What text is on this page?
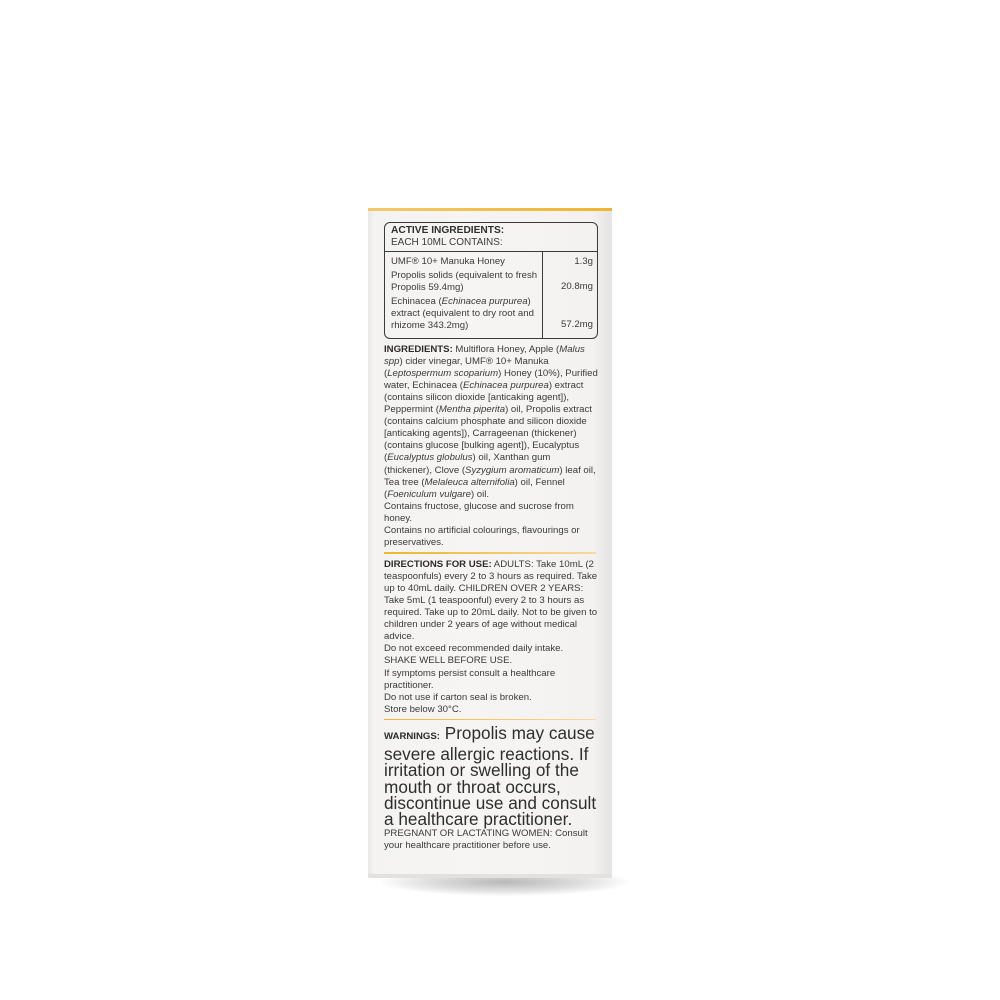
ACTIVE INGREDIENTS:
EACH 10ML CONTAINS:
UMF® 10+ Manuka Honey
Propolis solids (equivalent to fresh Propolis 59.4mg)
Echinacea (Echinacea purpurea) extract (equivalent to dry root and rhizome 343.2mg)
1.3g
20.8mg
57.2mg

INGREDIENTS: Multiflora Honey, Apple (Malus spp) cider vinegar, UMF® 10+ Manuka (Leptospermum scoparium) Honey (10%), Purified water, Echinacea (Echinacea purpurea) extract (contains silicon dioxide [anticaking agent]), Peppermint (Mentha piperita) oil, Propolis extract (contains calcium phosphate and silicon dioxide [anticaking agents]), Carrageenan (thickener) (contains glucose [bulking agent]), Eucalyptus (Eucalyptus globulus) oil, Xanthan gum (thickener), Clove (Syzygium aromaticum) leaf oil, Tea tree (Melaleuca alternifolia) oil, Fennel (Foeniculum vulgare) oil.

Contains fructose, glucose and sucrose from honey.

Contains no artificial colourings, flavourings or preservatives.

DIRECTIONS FOR USE: ADULTS: Take 10mL (2 teaspoonfuls) every 2 to 3 hours as required. Take up to 40mL daily. CHILDREN OVER 2 YEARS: Take 5mL (1 teaspoonful) every 2 to 3 hours as required. Take up to 20mL daily. Not to be given to children under 2 years of age without medical advice.

Do not exceed recommended daily intake.

SHAKE WELL BEFORE USE.

If symptoms persist consult a healthcare practitioner.

Do not use if carton seal is broken.

Store below 30°C.

WARNINGS: Propolis may cause severe allergic reactions. If irritation or swelling of the mouth or throat occurs, discontinue use and consult a healthcare practitioner.

PREGNANT OR LACTATING WOMEN: Consult your healthcare practitioner before use.
